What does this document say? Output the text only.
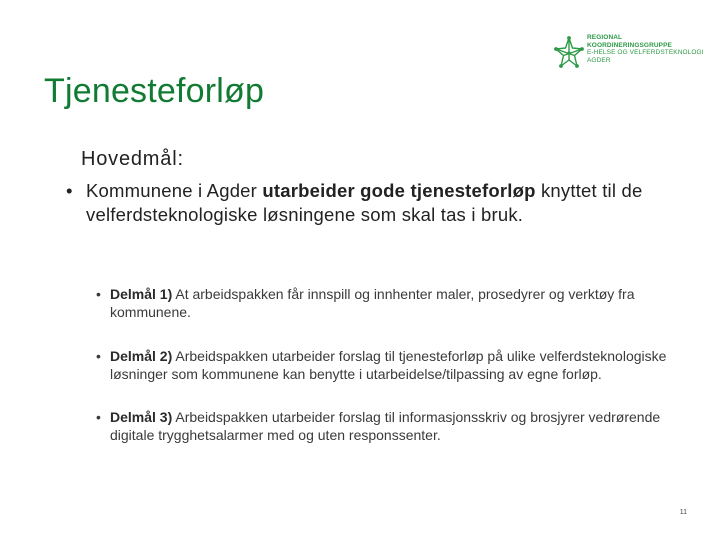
REGIONAL
KOORDINERINGSGRUPPE
E-HELSE OG VELFERDSTEKNOLOGI
AGDER
Tjenesteforløp
Hovedmål:
• Kommunene i Agder utarbeider gode tjenesteforløp knyttet til de velferdsteknologiske løsningene som skal tas i bruk.
• Delmål 1) At arbeidspakken får innspill og innhenter maler, prosedyrer og verktøy fra kommunene.
• Delmål 2) Arbeidspakken utarbeider forslag til tjenesteforløp på ulike velferdsteknologiske løsninger som kommunene kan benytte i utarbeidelse/tilpassing av egne forløp.
• Delmål 3) Arbeidspakken utarbeider forslag til informasjonsskriv og brosjyrer vedrørende digitale trygghetsalarmer med og uten responssenter.
11
